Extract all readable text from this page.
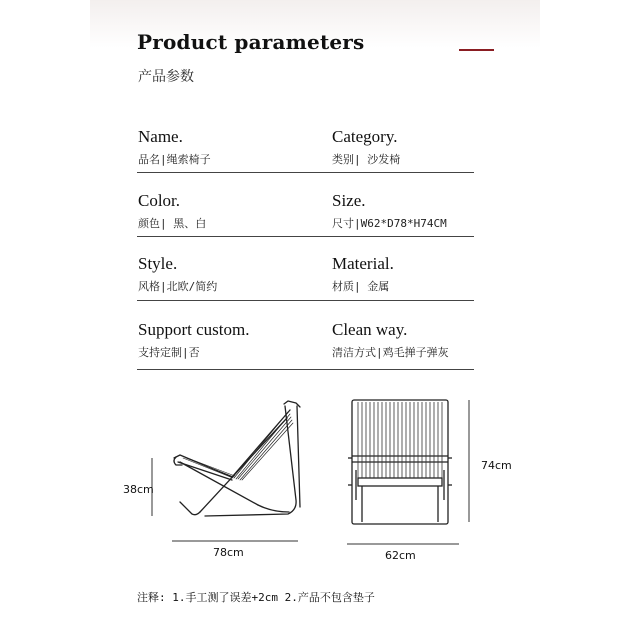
Product parameters
产品参数
Name.
品名|绳索椅子
Category.
类别| 沙发椅
Color.
颜色| 黑、白
Size.
尺寸|W62*D78*H74CM
Style.
风格|北欧/简约
Material.
材质| 金属
Support custom.
支持定制|否
Clean way.
清洁方式|鸡毛掸子弹灰
38cm
78cm	62cm
74cm
注释: 1.手工测了误差+2cm 2.产品不包含垫子
